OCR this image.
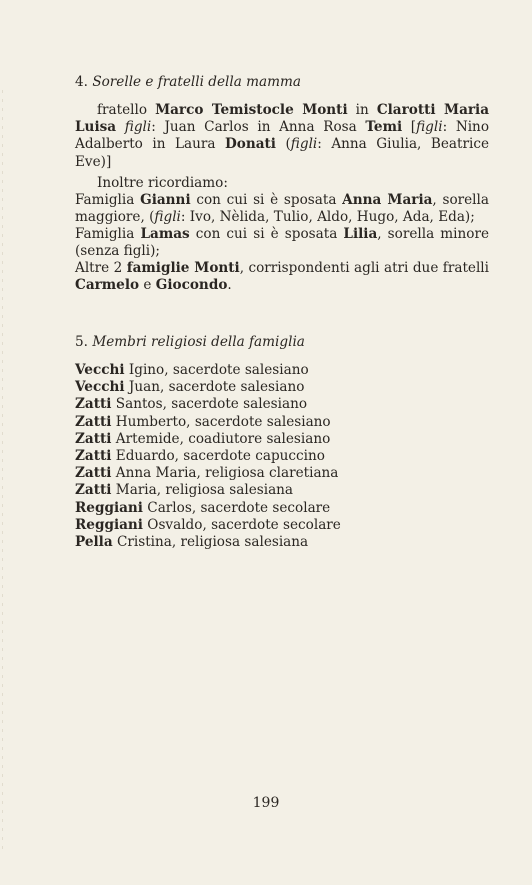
4. Sorelle e fratelli della mamma
fratello Marco Temistocle Monti in Clarotti Maria Luisa figli: Juan Carlos in Anna Rosa Temi [figli: Nino Adalberto in Laura Donati (figli: Anna Giulia, Beatrice Eve)]
Inoltre ricordiamo:
Famiglia Gianni con cui si è sposata Anna Maria, sorella maggiore, (figli: Ivo, Nèlida, Tulio, Aldo, Hugo, Ada, Eda);
Famiglia Lamas con cui si è sposata Lilia, sorella minore (senza figli);
Altre 2 famiglie Monti, corrispondenti agli atri due fratelli Carmelo e Giocondo.
5. Membri religiosi della famiglia
Vecchi Igino, sacerdote salesiano
Vecchi Juan, sacerdote salesiano
Zatti Santos, sacerdote salesiano
Zatti Humberto, sacerdote salesiano
Zatti Artemide, coadiutore salesiano
Zatti Eduardo, sacerdote capuccino
Zatti Anna Maria, religiosa claretiana
Zatti Maria, religiosa salesiana
Reggiani Carlos, sacerdote secolare
Reggiani Osvaldo, sacerdote secolare
Pella Cristina, religiosa salesiana
199
